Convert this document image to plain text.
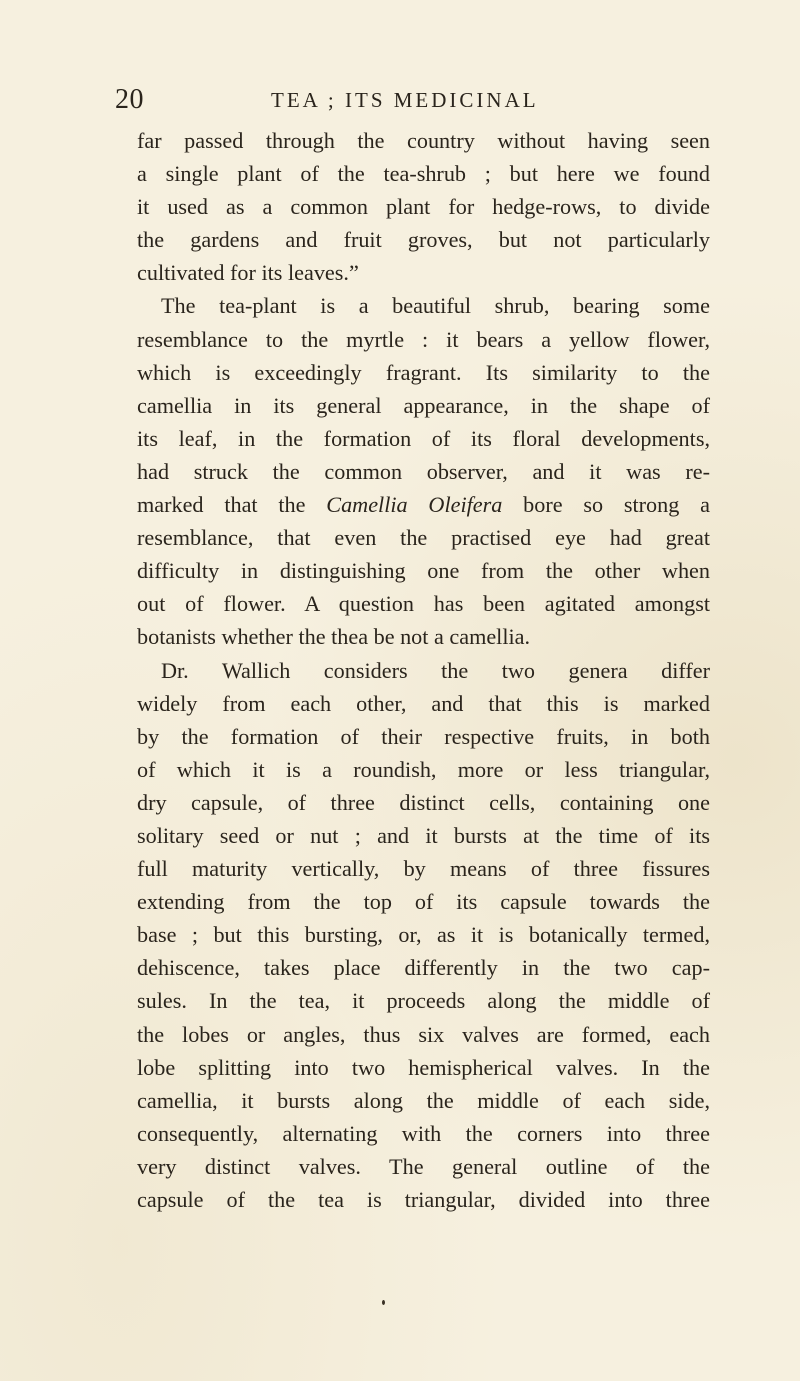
20	TEA ; ITS MEDICINAL
far passed through the country without having seen
a single plant of the tea-shrub ; but here we found
it used as a common plant for hedge-rows, to divide
the gardens and fruit groves, but not particularly
cultivated for its leaves.”
The tea-plant is a beautiful shrub, bearing some
resemblance to the myrtle : it bears a yellow flower,
which is exceedingly fragrant. Its similarity to the
camellia in its general appearance, in the shape of
its leaf, in the formation of its floral developments,
had struck the common observer, and it was re-
marked that the Camellia Oleifera bore so strong a
resemblance, that even the practised eye had great
difficulty in distinguishing one from the other when
out of flower. A question has been agitated amongst
botanists whether the thea be not a camellia.
Dr. Wallich considers the two genera differ
widely from each other, and that this is marked
by the formation of their respective fruits, in both
of which it is a roundish, more or less triangular,
dry capsule, of three distinct cells, containing one
solitary seed or nut ; and it bursts at the time of its
full maturity vertically, by means of three fissures
extending from the top of its capsule towards the
base ; but this bursting, or, as it is botanically termed,
dehiscence, takes place differently in the two cap-
sules. In the tea, it proceeds along the middle of
the lobes or angles, thus six valves are formed, each
lobe splitting into two hemispherical valves. In the
camellia, it bursts along the middle of each side,
consequently, alternating with the corners into three
very distinct valves. The general outline of the
capsule of the tea is triangular, divided into three
